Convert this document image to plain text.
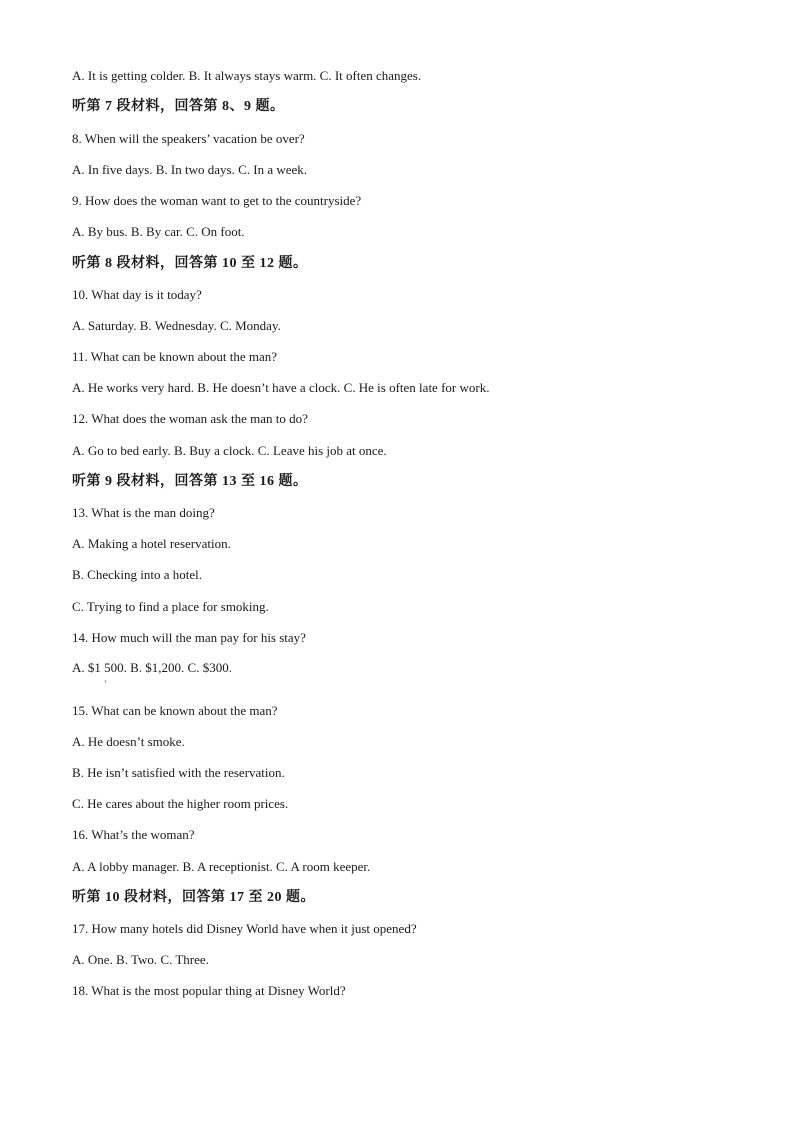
A. It is getting colder. B. It always stays warm. C. It often changes.
听第 7 段材料，回答第 8、9 题。
8. When will the speakers’ vacation be over?
A. In five days. B. In two days. C. In a week.
9. How does the woman want to get to the countryside?
A. By bus. B. By car. C. On foot.
听第 8 段材料，回答第 10 至 12 题。
10. What day is it today?
A. Saturday. B. Wednesday. C. Monday.
11. What can be known about the man?
A. He works very hard. B. He doesn’t have a clock. C. He is often late for work.
12. What does the woman ask the man to do?
A. Go to bed early. B. Buy a clock. C. Leave his job at once.
听第 9 段材料，回答第 13 至 16 题。
13. What is the man doing?
A. Making a hotel reservation.
B. Checking into a hotel.
C. Trying to find a place for smoking.
14. How much will the man pay for his stay?
A. $1 500. B. $1,200. C. $300.
'
15. What can be known about the man?
A. He doesn’t smoke.
B. He isn’t satisfied with the reservation.
C. He cares about the higher room prices.
16. What’s the woman?
A. A lobby manager. B. A receptionist. C. A room keeper.
听第 10 段材料，回答第 17 至 20 题。
17. How many hotels did Disney World have when it just opened?
A. One. B. Two. C. Three.
18. What is the most popular thing at Disney World?
